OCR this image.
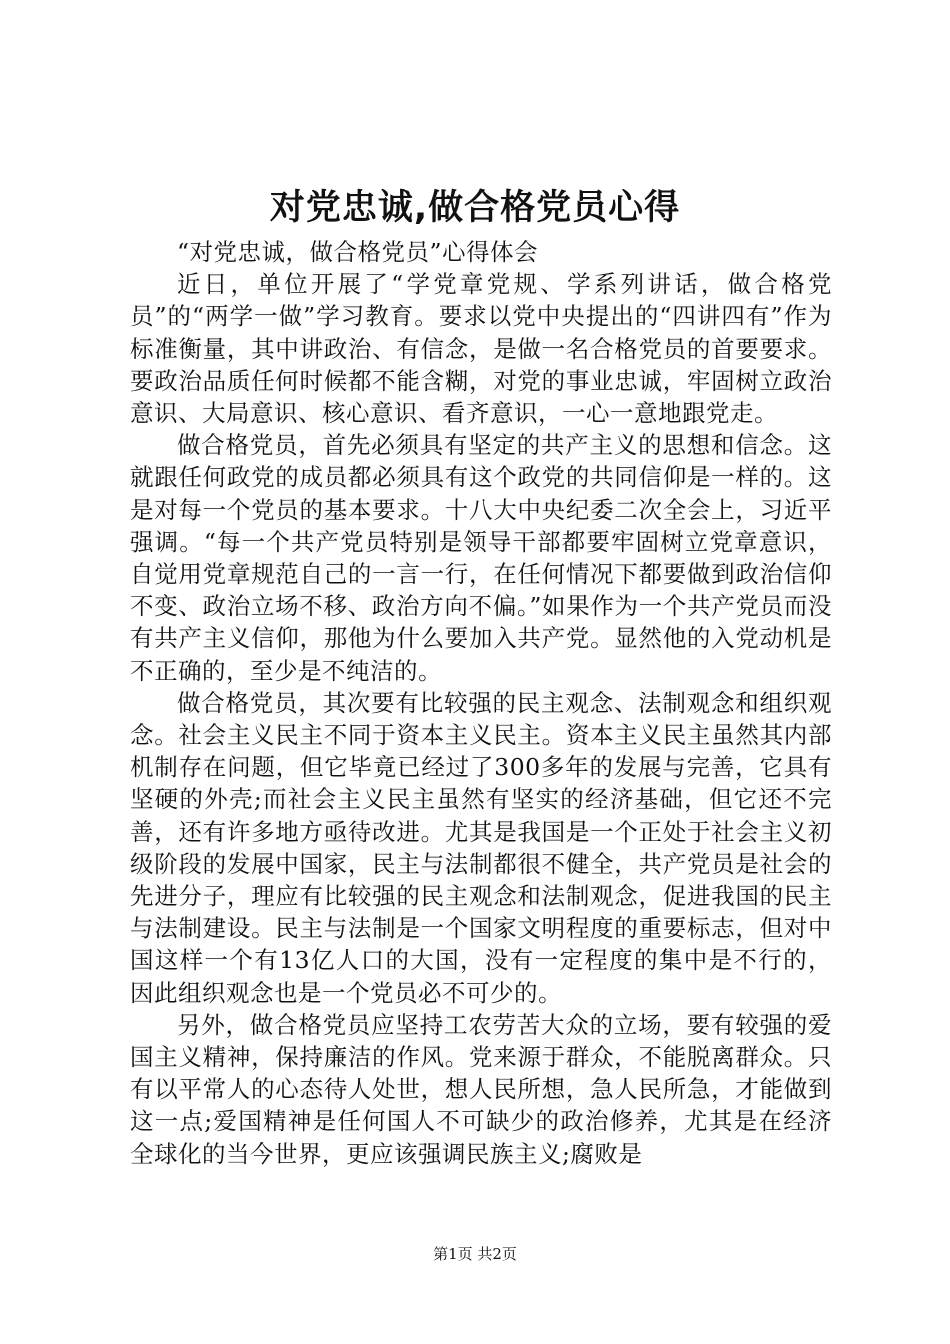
对党忠诚,做合格党员心得

“对党忠诚，做合格党员”心得体会

近日，单位开展了“学党章党规、学系列讲话，做合格党员”的“两学一做”学习教育。要求以党中央提出的“四讲四有”作为标准衡量，其中讲政治、有信念，是做一名合格党员的首要要求。要政治品质任何时候都不能含糊，对党的事业忠诚，牢固树立政治意识、大局意识、核心意识、看齐意识，一心一意地跟党走。

做合格党员，首先必须具有坚定的共产主义的思想和信念。这就跟任何政党的成员都必须具有这个政党的共同信仰是一样的。这是对每一个党员的基本要求。十八大中央纪委二次全会上，习近平强调。“每一个共产党员特别是领导干部都要牢固树立党章意识，自觉用党章规范自己的一言一行，在任何情况下都要做到政治信仰不变、政治立场不移、政治方向不偏。”如果作为一个共产党员而没有共产主义信仰，那他为什么要加入共产党。显然他的入党动机是不正确的，至少是不纯洁的。

做合格党员，其次要有比较强的民主观念、法制观念和组织观念。社会主义民主不同于资本主义民主。资本主义民主虽然其内部机制存在问题，但它毕竟已经过了300多年的发展与完善，它具有坚硬的外壳;而社会主义民主虽然有坚实的经济基础，但它还不完善，还有许多地方亟待改进。尤其是我国是一个正处于社会主义初级阶段的发展中国家，民主与法制都很不健全，共产党员是社会的先进分子，理应有比较强的民主观念和法制观念，促进我国的民主与法制建设。民主与法制是一个国家文明程度的重要标志，但对中国这样一个有13亿人口的大国，没有一定程度的集中是不行的，因此组织观念也是一个党员必不可少的。

另外，做合格党员应坚持工农劳苦大众的立场，要有较强的爱国主义精神，保持廉洁的作风。党来源于群众，不能脱离群众。只有以平常人的心态待人处世，想人民所想，急人民所急，才能做到这一点;爱国精神是任何国人不可缺少的政治修养，尤其是在经济全球化的当今世界，更应该强调民族主义;腐败是

第1页 共2页
